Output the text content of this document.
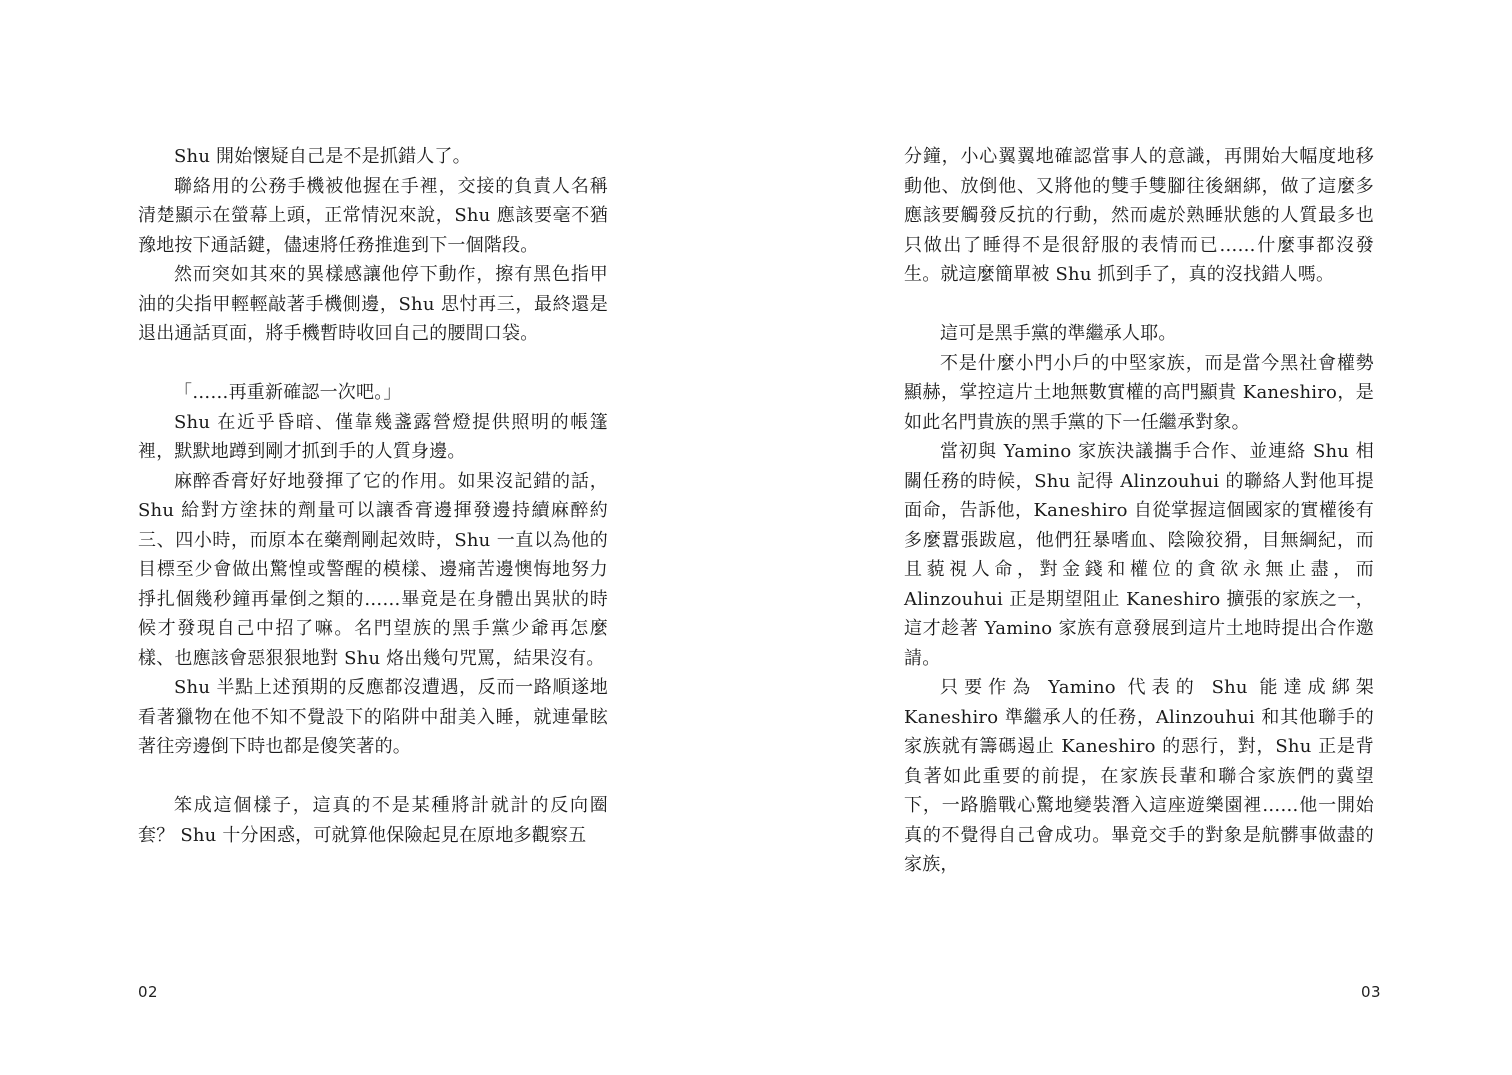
Shu 開始懷疑自己是不是抓錯人了。

聯絡用的公務手機被他握在手裡，交接的負責人名稱清楚顯示在螢幕上頭，正常情況來說，Shu 應該要毫不猶豫地按下通話鍵，儘速將任務推進到下一個階段。

然而突如其來的異樣感讓他停下動作，擦有黑色指甲油的尖指甲輕輕敲著手機側邊，Shu 思忖再三，最終還是退出通話頁面，將手機暫時收回自己的腰間口袋。

「……再重新確認一次吧。」

Shu 在近乎昏暗、僅靠幾盞露營燈提供照明的帳篷裡，默默地蹲到剛才抓到手的人質身邊。

麻醉香膏好好地發揮了它的作用。如果沒記錯的話，Shu 給對方塗抹的劑量可以讓香膏邊揮發邊持續麻醉約三、四小時，而原本在藥劑剛起效時，Shu 一直以為他的目標至少會做出驚惶或警醒的模樣、邊痛苦邊懊悔地努力掙扎個幾秒鐘再暈倒之類的……畢竟是在身體出異狀的時候才發現自己中招了嘛。名門望族的黑手黨少爺再怎麼樣、也應該會惡狠狠地對 Shu 烙出幾句咒罵，結果沒有。

Shu 半點上述預期的反應都沒遭遇，反而一路順遂地看著獵物在他不知不覺設下的陷阱中甜美入睡，就連暈眩著往旁邊倒下時也都是傻笑著的。

笨成這個樣子，這真的不是某種將計就計的反向圈套？ Shu 十分困惑，可就算他保險起見在原地多觀察五

02

分鐘，小心翼翼地確認當事人的意識，再開始大幅度地移動他、放倒他、又將他的雙手雙腳往後綑綁，做了這麼多應該要觸發反抗的行動，然而處於熟睡狀態的人質最多也只做出了睡得不是很舒服的表情而已……什麼事都沒發生。就這麼簡單被 Shu 抓到手了，真的沒找錯人嗎。

這可是黑手黨的準繼承人耶。

不是什麼小門小戶的中堅家族，而是當今黑社會權勢顯赫，掌控這片土地無數實權的高門顯貴 Kaneshiro，是如此名門貴族的黑手黨的下一任繼承對象。

當初與 Yamino 家族決議攜手合作、並連絡 Shu 相關任務的時候，Shu 記得 Alinzouhui 的聯絡人對他耳提面命，告訴他，Kaneshiro 自從掌握這個國家的實權後有多麼囂張跋扈，他們狂暴嗜血、陰險狡猾，目無綱紀，而且藐視人命，對金錢和權位的貪欲永無止盡，而 Alinzouhui 正是期望阻止 Kaneshiro 擴張的家族之一，這才趁著 Yamino 家族有意發展到這片土地時提出合作邀請。

只要作為 Yamino 代表的 Shu 能達成綁架 Kaneshiro 準繼承人的任務，Alinzouhui 和其他聯手的家族就有籌碼遏止 Kaneshiro 的惡行，對，Shu 正是背負著如此重要的前提，在家族長輩和聯合家族們的冀望下，一路膽戰心驚地變裝潛入這座遊樂園裡……他一開始真的不覺得自己會成功。畢竟交手的對象是航髒事做盡的家族，

03
